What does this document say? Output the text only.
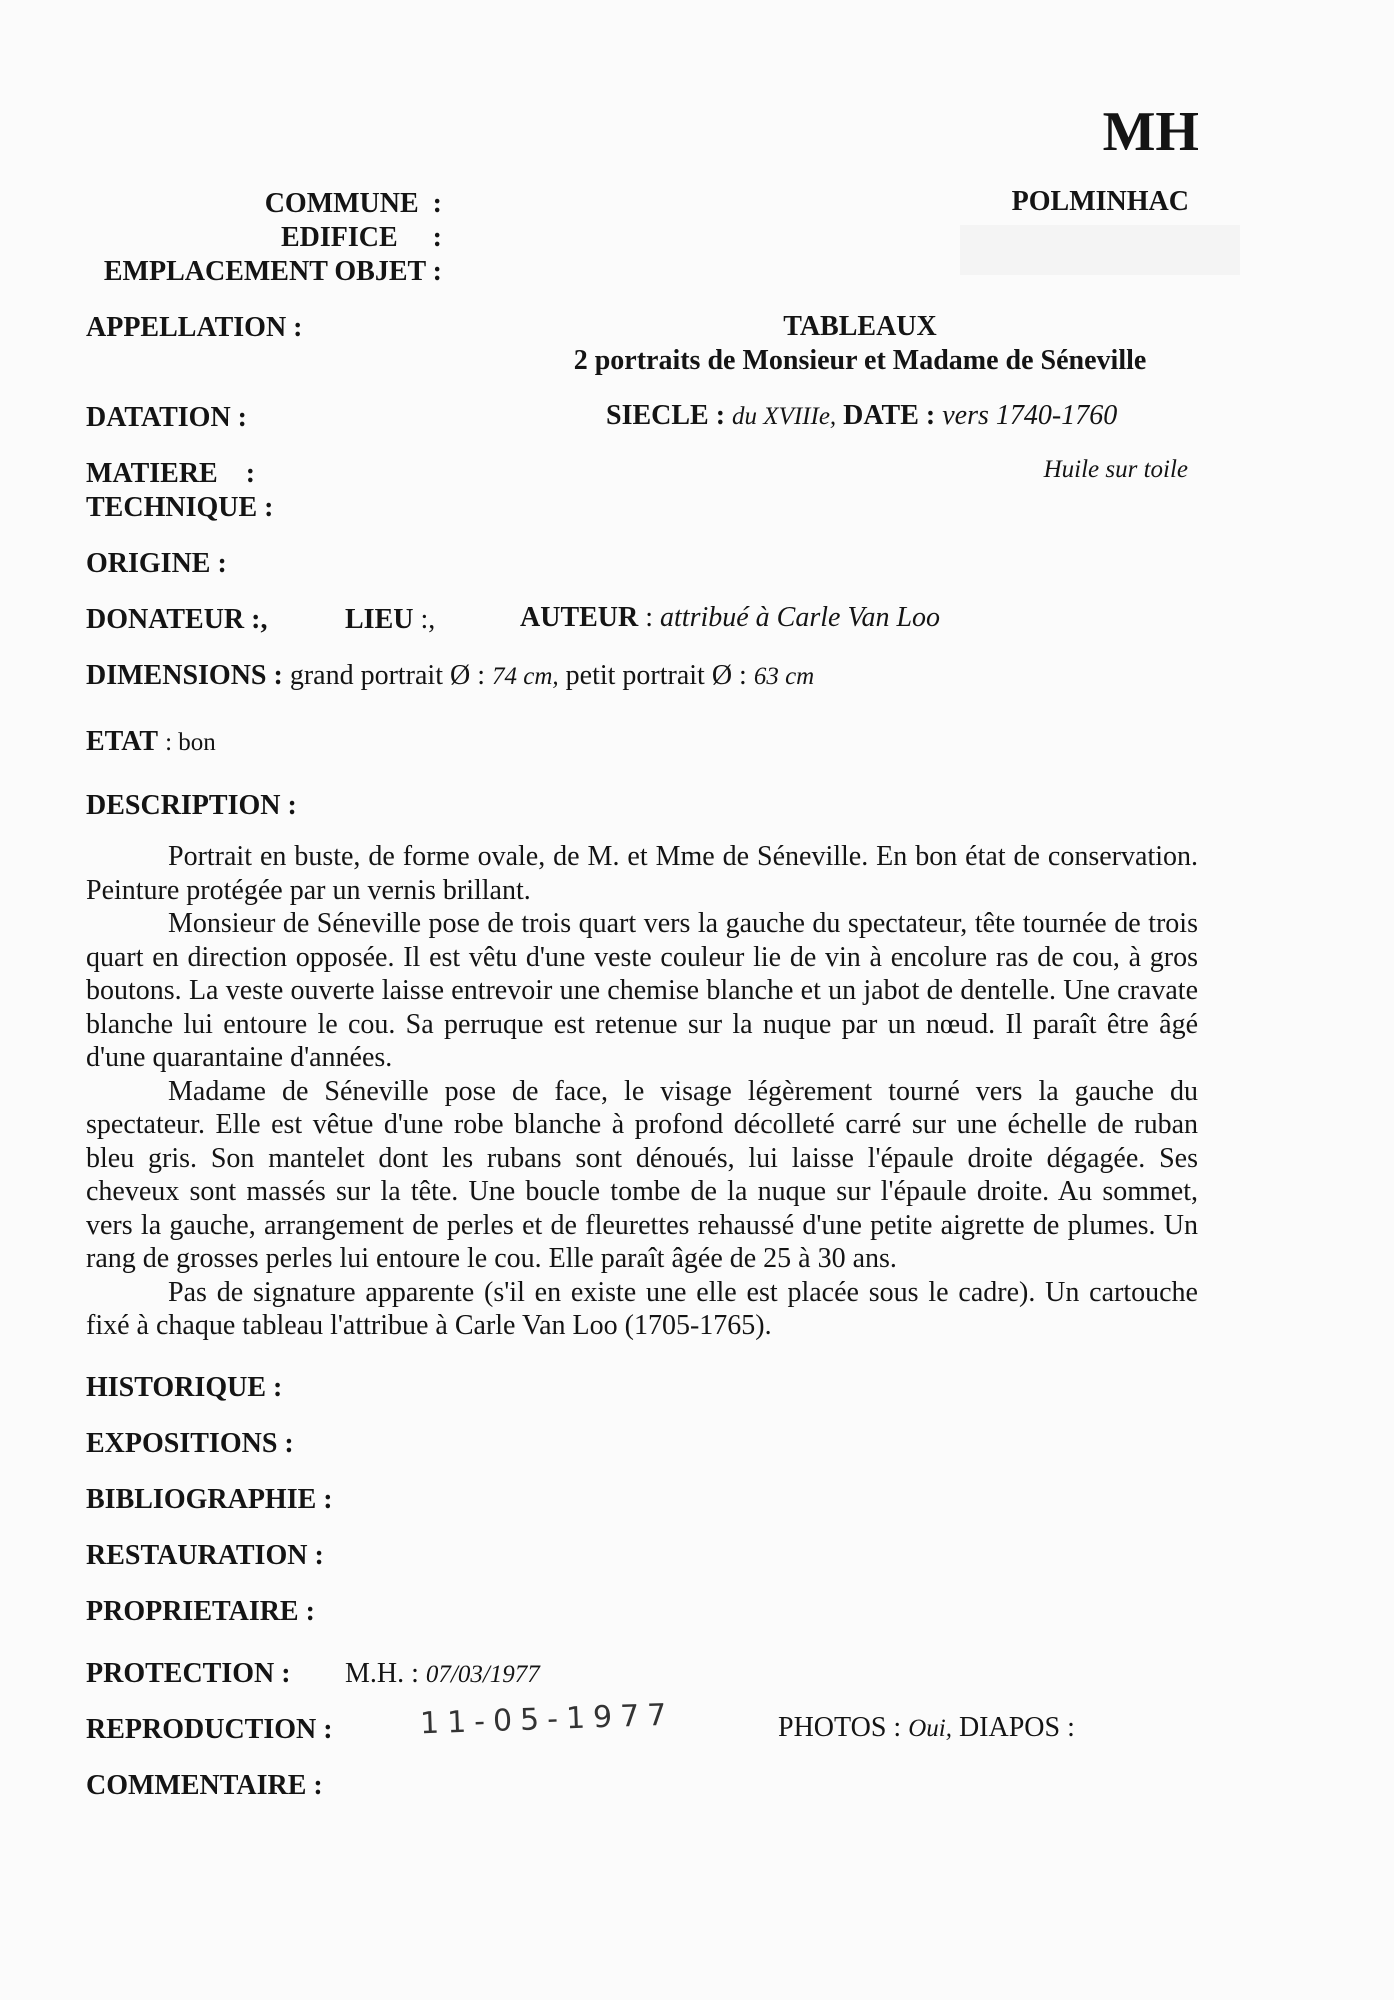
MH
COMMUNE  :	POLMINHAC
EDIFICE     :
EMPLACEMENT OBJET :
APPELLATION :	TABLEAUX
2 portraits de Monsieur et Madame de Séneville
DATATION :	SIECLE : du XVIIIe, DATE : vers 1740-1760
MATIERE    :	Huile sur toile
TECHNIQUE :
ORIGINE :
DONATEUR :,	LIEU :,	AUTEUR : attribué à Carle Van Loo
DIMENSIONS : grand portrait Ø : 74 cm, petit portrait Ø : 63 cm
ETAT : bon
DESCRIPTION :

Portrait en buste, de forme ovale, de M. et Mme de Séneville. En bon état de conservation. Peinture protégée par un vernis brillant.

Monsieur de Séneville pose de trois quart vers la gauche du spectateur, tête tournée de trois quart en direction opposée. Il est vêtu d'une veste couleur lie de vin à encolure ras de cou, à gros boutons. La veste ouverte laisse entrevoir une chemise blanche et un jabot de dentelle. Une cravate blanche lui entoure le cou. Sa perruque est retenue sur la nuque par un nœud. Il paraît être âgé d'une quarantaine d'années.

Madame de Séneville pose de face, le visage légèrement tourné vers la gauche du spectateur. Elle est vêtue d'une robe blanche à profond décolleté carré sur une échelle de ruban bleu gris. Son mantelet dont les rubans sont dénoués, lui laisse l'épaule droite dégagée. Ses cheveux sont massés sur la tête. Une boucle tombe de la nuque sur l'épaule droite. Au sommet, vers la gauche, arrangement de perles et de fleurettes rehaussé d'une petite aigrette de plumes. Un rang de grosses perles lui entoure le cou. Elle paraît âgée de 25 à 30 ans.

Pas de signature apparente (s'il en existe une elle est placée sous le cadre). Un cartouche fixé à chaque tableau l'attribue à Carle Van Loo (1705-1765).

HISTORIQUE :
EXPOSITIONS :
BIBLIOGRAPHIE :
RESTAURATION :
PROPRIETAIRE :
PROTECTION : M.H. : 07/03/1977
REPRODUCTION :	11-05-1977	PHOTOS : Oui, DIAPOS :
COMMENTAIRE :
